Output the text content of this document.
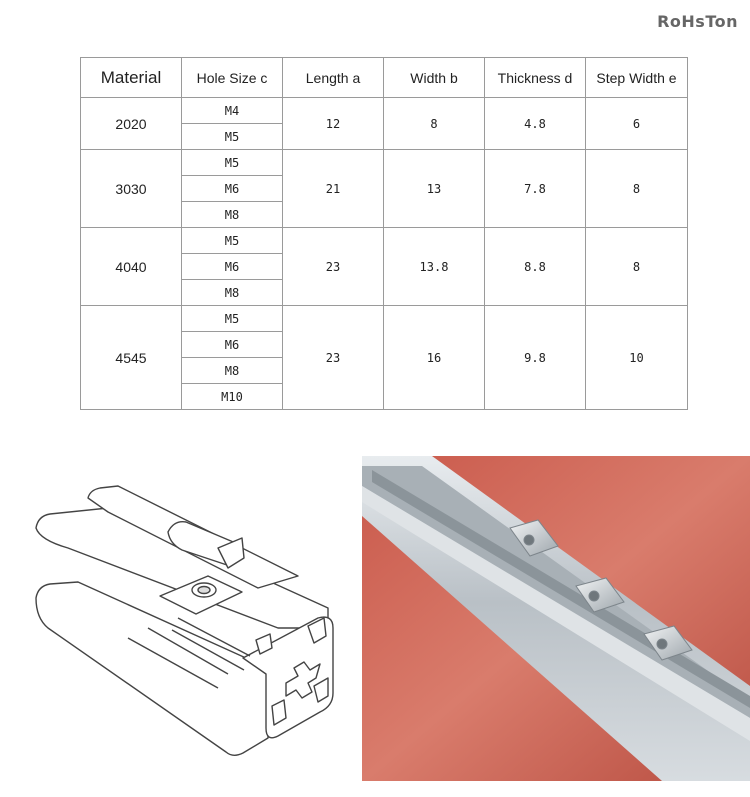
RoHsTon
Material	Hole Size c	Length a	Width b	Thickness d	Step Width e
2020	M4	12	8	4.8	6
	M5				
3030	M5	21	13	7.8	8
	M6				
	M8				
4040	M5	23	13.8	8.8	8
	M6				
	M8				
4545	M5	23	16	9.8	10
	M6				
	M8				
	M10				
